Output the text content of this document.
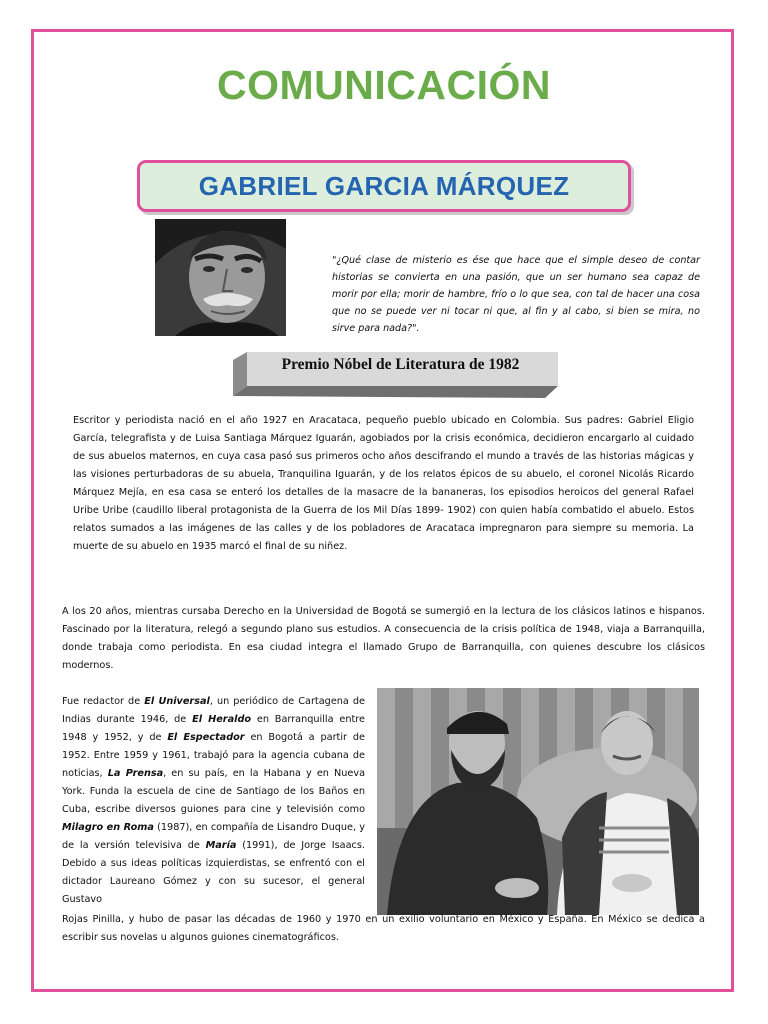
COMUNICACIÓN
GABRIEL GARCIA MÁRQUEZ

"¿Qué clase de misterio es ése que hace que el simple deseo de contar historias se convierta en una pasión, que un ser humano sea capaz de morir por ella; morir de hambre, frío o lo que sea, con tal de hacer una cosa que no se puede ver ni tocar ni que, al fin y al cabo, si bien se mira, no sirve para nada?".

Premio Nóbel de Literatura de 1982

Escritor y periodista nació en el año 1927 en Aracataca, pequeño pueblo ubicado en Colombia. Sus padres: Gabriel Eligio García, telegrafista y de Luisa Santiaga Márquez Iguarán, agobiados por la crisis económica, decidieron encargarlo al cuidado de sus abuelos maternos, en cuya casa pasó sus primeros ocho años descifrando el mundo a través de las historias mágicas y las visiones perturbadoras de su abuela, Tranquilina Iguarán, y de los relatos épicos de su abuelo, el coronel Nicolás Ricardo Márquez Mejía, en esa casa se enteró los detalles de la masacre de la bananeras, los episodios heroicos del general Rafael Uribe Uribe (caudillo liberal protagonista de la Guerra de los Mil Días 1899- 1902) con quien había combatido el abuelo. Estos relatos sumados a las imágenes de las calles y de los pobladores de Aracataca impregnaron para siempre su memoria. La muerte de su abuelo en 1935 marcó el final de su niñez.

A los 20 años, mientras cursaba Derecho en la Universidad de Bogotá se sumergió en la lectura de los clásicos latinos e hispanos. Fascinado por la literatura, relegó a segundo plano sus estudios. A consecuencia de la crisis política de 1948, viaja a Barranquilla, donde trabaja como periodista. En esa ciudad integra el llamado Grupo de Barranquilla, con quienes descubre los clásicos modernos.

Fue redactor de El Universal, un periódico de Cartagena de Indias durante 1946, de El Heraldo en Barranquilla entre 1948 y 1952, y de El Espectador en Bogotá a partir de 1952. Entre 1959 y 1961, trabajó para la agencia cubana de noticias, La Prensa, en su país, en la Habana y en Nueva York. Funda la escuela de cine de Santiago de los Baños en Cuba, escribe diversos guiones para cine y televisión como Milagro en Roma (1987), en compañía de Lisandro Duque, y de la versión televisiva de María (1991), de Jorge Isaacs. Debido a sus ideas políticas izquierdistas, se enfrentó con el dictador Laureano Gómez y con su sucesor, el general Gustavo

Rojas Pinilla, y hubo de pasar las décadas de 1960 y 1970 en un exilio voluntario en México y España. En México se dedica a escribir sus novelas u algunos guiones cinematográficos.
